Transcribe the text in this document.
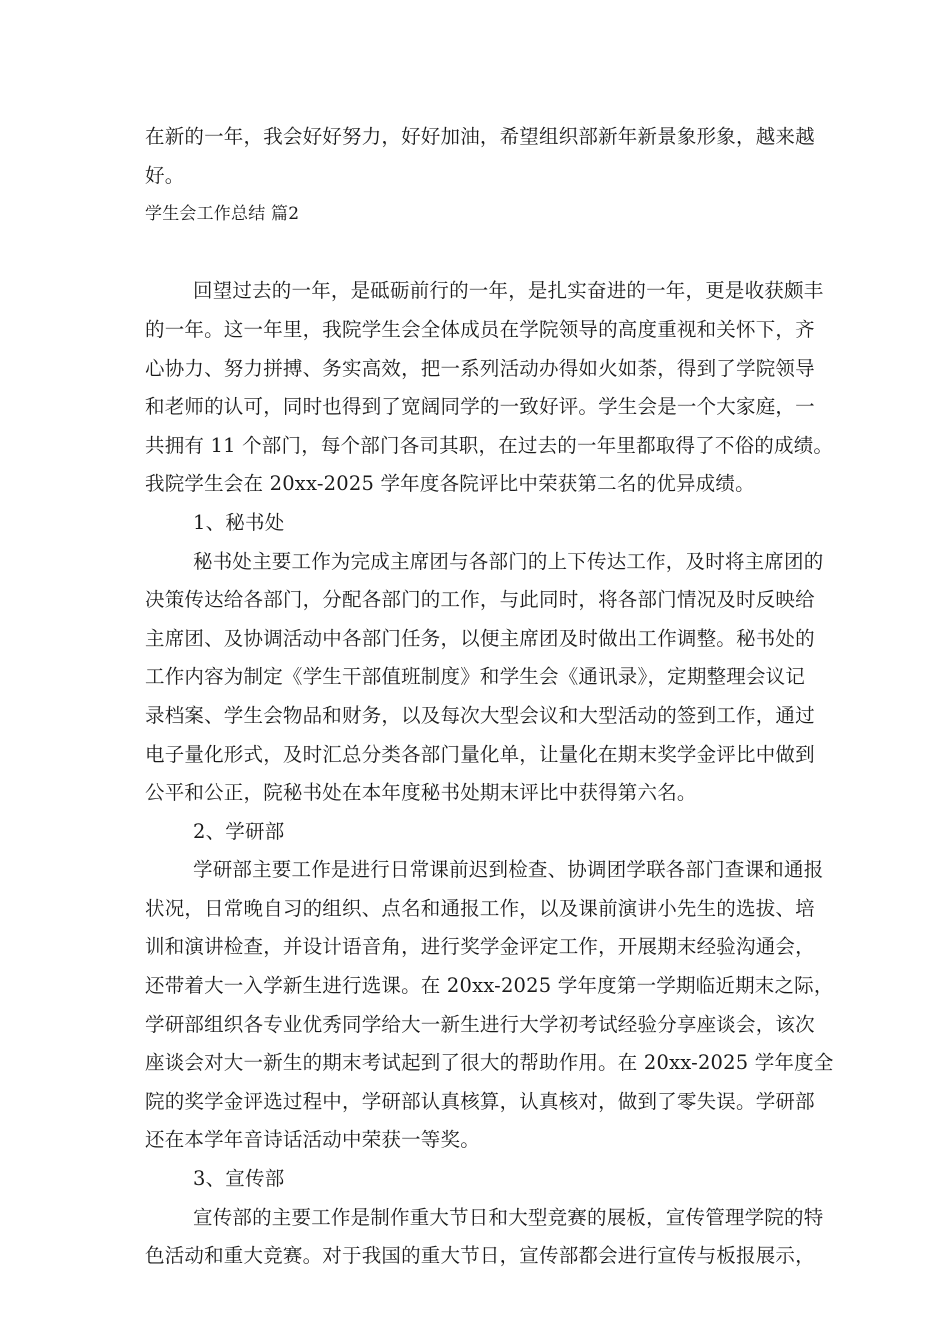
在新的一年，我会好好努力，好好加油，希望组织部新年新景象形象，越来越
好。
学生会工作总结 篇2
回望过去的一年，是砥砺前行的一年，是扎实奋进的一年，更是收获颇丰
的一年。这一年里，我院学生会全体成员在学院领导的高度重视和关怀下，齐
心协力、努力拼搏、务实高效，把一系列活动办得如火如荼，得到了学院领导
和老师的认可，同时也得到了宽阔同学的一致好评。学生会是一个大家庭，一
共拥有 11 个部门，每个部门各司其职，在过去的一年里都取得了不俗的成绩。
我院学生会在 20xx-2025 学年度各院评比中荣获第二名的优异成绩。
1、秘书处
秘书处主要工作为完成主席团与各部门的上下传达工作，及时将主席团的
决策传达给各部门，分配各部门的工作，与此同时，将各部门情况及时反映给
主席团、及协调活动中各部门任务，以便主席团及时做出工作调整。秘书处的
工作内容为制定《学生干部值班制度》和学生会《通讯录》，定期整理会议记
录档案、学生会物品和财务，以及每次大型会议和大型活动的签到工作，通过
电子量化形式，及时汇总分类各部门量化单，让量化在期末奖学金评比中做到
公平和公正，院秘书处在本年度秘书处期末评比中获得第六名。
2、学研部
学研部主要工作是进行日常课前迟到检查、协调团学联各部门查课和通报
状况，日常晚自习的组织、点名和通报工作，以及课前演讲小先生的选拔、培
训和演讲检查，并设计语音角，进行奖学金评定工作，开展期末经验沟通会，
还带着大一入学新生进行选课。在 20xx-2025 学年度第一学期临近期末之际，
学研部组织各专业优秀同学给大一新生进行大学初考试经验分享座谈会，该次
座谈会对大一新生的期末考试起到了很大的帮助作用。在 20xx-2025 学年度全
院的奖学金评选过程中，学研部认真核算，认真核对，做到了零失误。学研部
还在本学年音诗话活动中荣获一等奖。
3、宣传部
宣传部的主要工作是制作重大节日和大型竞赛的展板，宣传管理学院的特
色活动和重大竞赛。对于我国的重大节日，宣传部都会进行宣传与板报展示，
